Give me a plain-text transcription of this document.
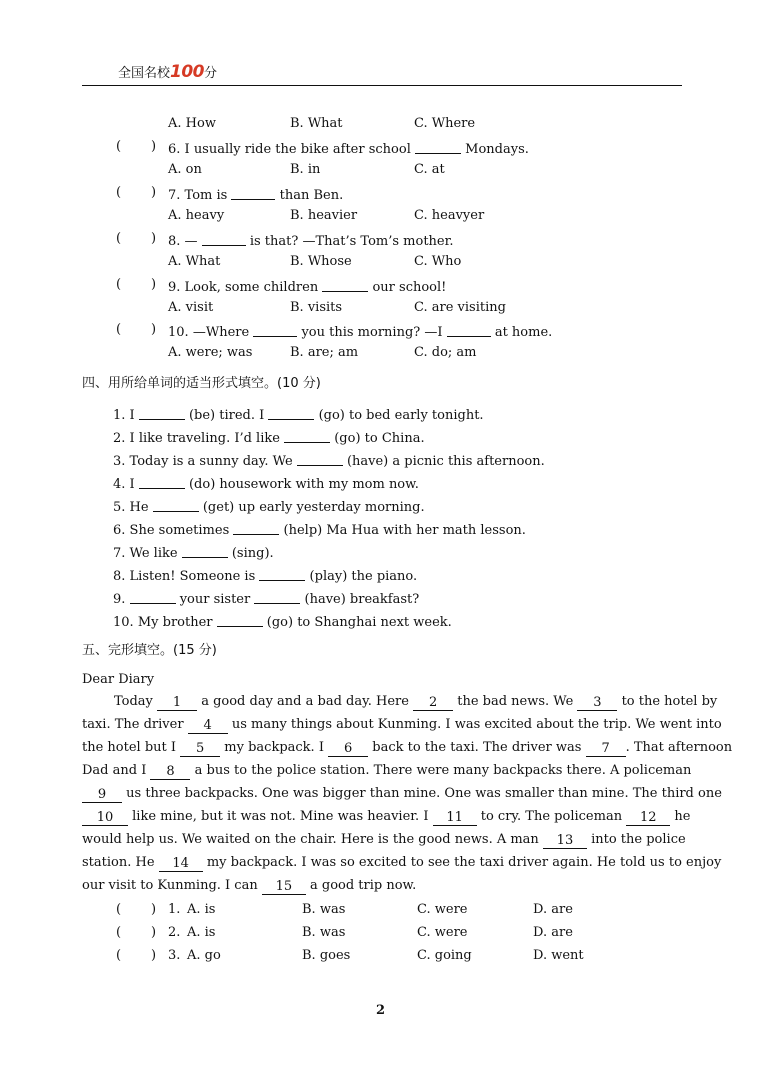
全国名校100分
A. How	B. What	C. Where
( ) 6. I usually ride the bike after school	Mondays.
A. on	B. in	C. at
( ) 7. Tom is	than Ben.
A. heavy	B. heavier	C. heavyer
( ) 8. —	is that? —That’s Tom’s mother.
A. What	B. Whose	C. Who
( ) 9. Look, some children	our school!
A. visit	B. visits	C. are visiting
( ) 10. —Where	you this morning? —I	at home.
A. were; was	B. are; am	C. do; am
四、用所给单词的适当形式填空。(10 分)
1. I	(be) tired. I	(go) to bed early tonight.
2. I like traveling. I’d like	(go) to China.
3. Today is a sunny day. We	(have) a picnic this afternoon.
4. I	(do) housework with my mom now.
5. He	(get) up early yesterday morning.
6. She sometimes	(help) Ma Hua with her math lesson.
7. We like	(sing).
8. Listen! Someone is	(play) the piano.
9.	your sister	(have) breakfast?
10. My brother	(go) to Shanghai next week.
五、完形填空。(15 分)
Dear Diary
Today 1 a good day and a bad day. Here 2 the bad news. We 3 to the hotel by
taxi. The driver 4 us many things about Kunming. I was excited about the trip. We went into
the hotel but I 5 my backpack. I 6 back to the taxi. The driver was 7 . That afternoon
Dad and I 8 a bus to the police station. There were many backpacks there. A policeman
9 us three backpacks. One was bigger than mine. One was smaller than mine. The third one
10 like mine, but it was not. Mine was heavier. I 11 to cry. The policeman 12 he
would help us. We waited on the chair. Here is the good news. A man 13 into the police
station. He 14 my backpack. I was so excited to see the taxi driver again. He told us to enjoy
our visit to Kunming. I can 15 a good trip now.
( ) 1. A. is	B. was	C. were	D. are
( ) 2. A. is	B. was	C. were	D. are
( ) 3. A. go	B. goes	C. going	D. went
2
